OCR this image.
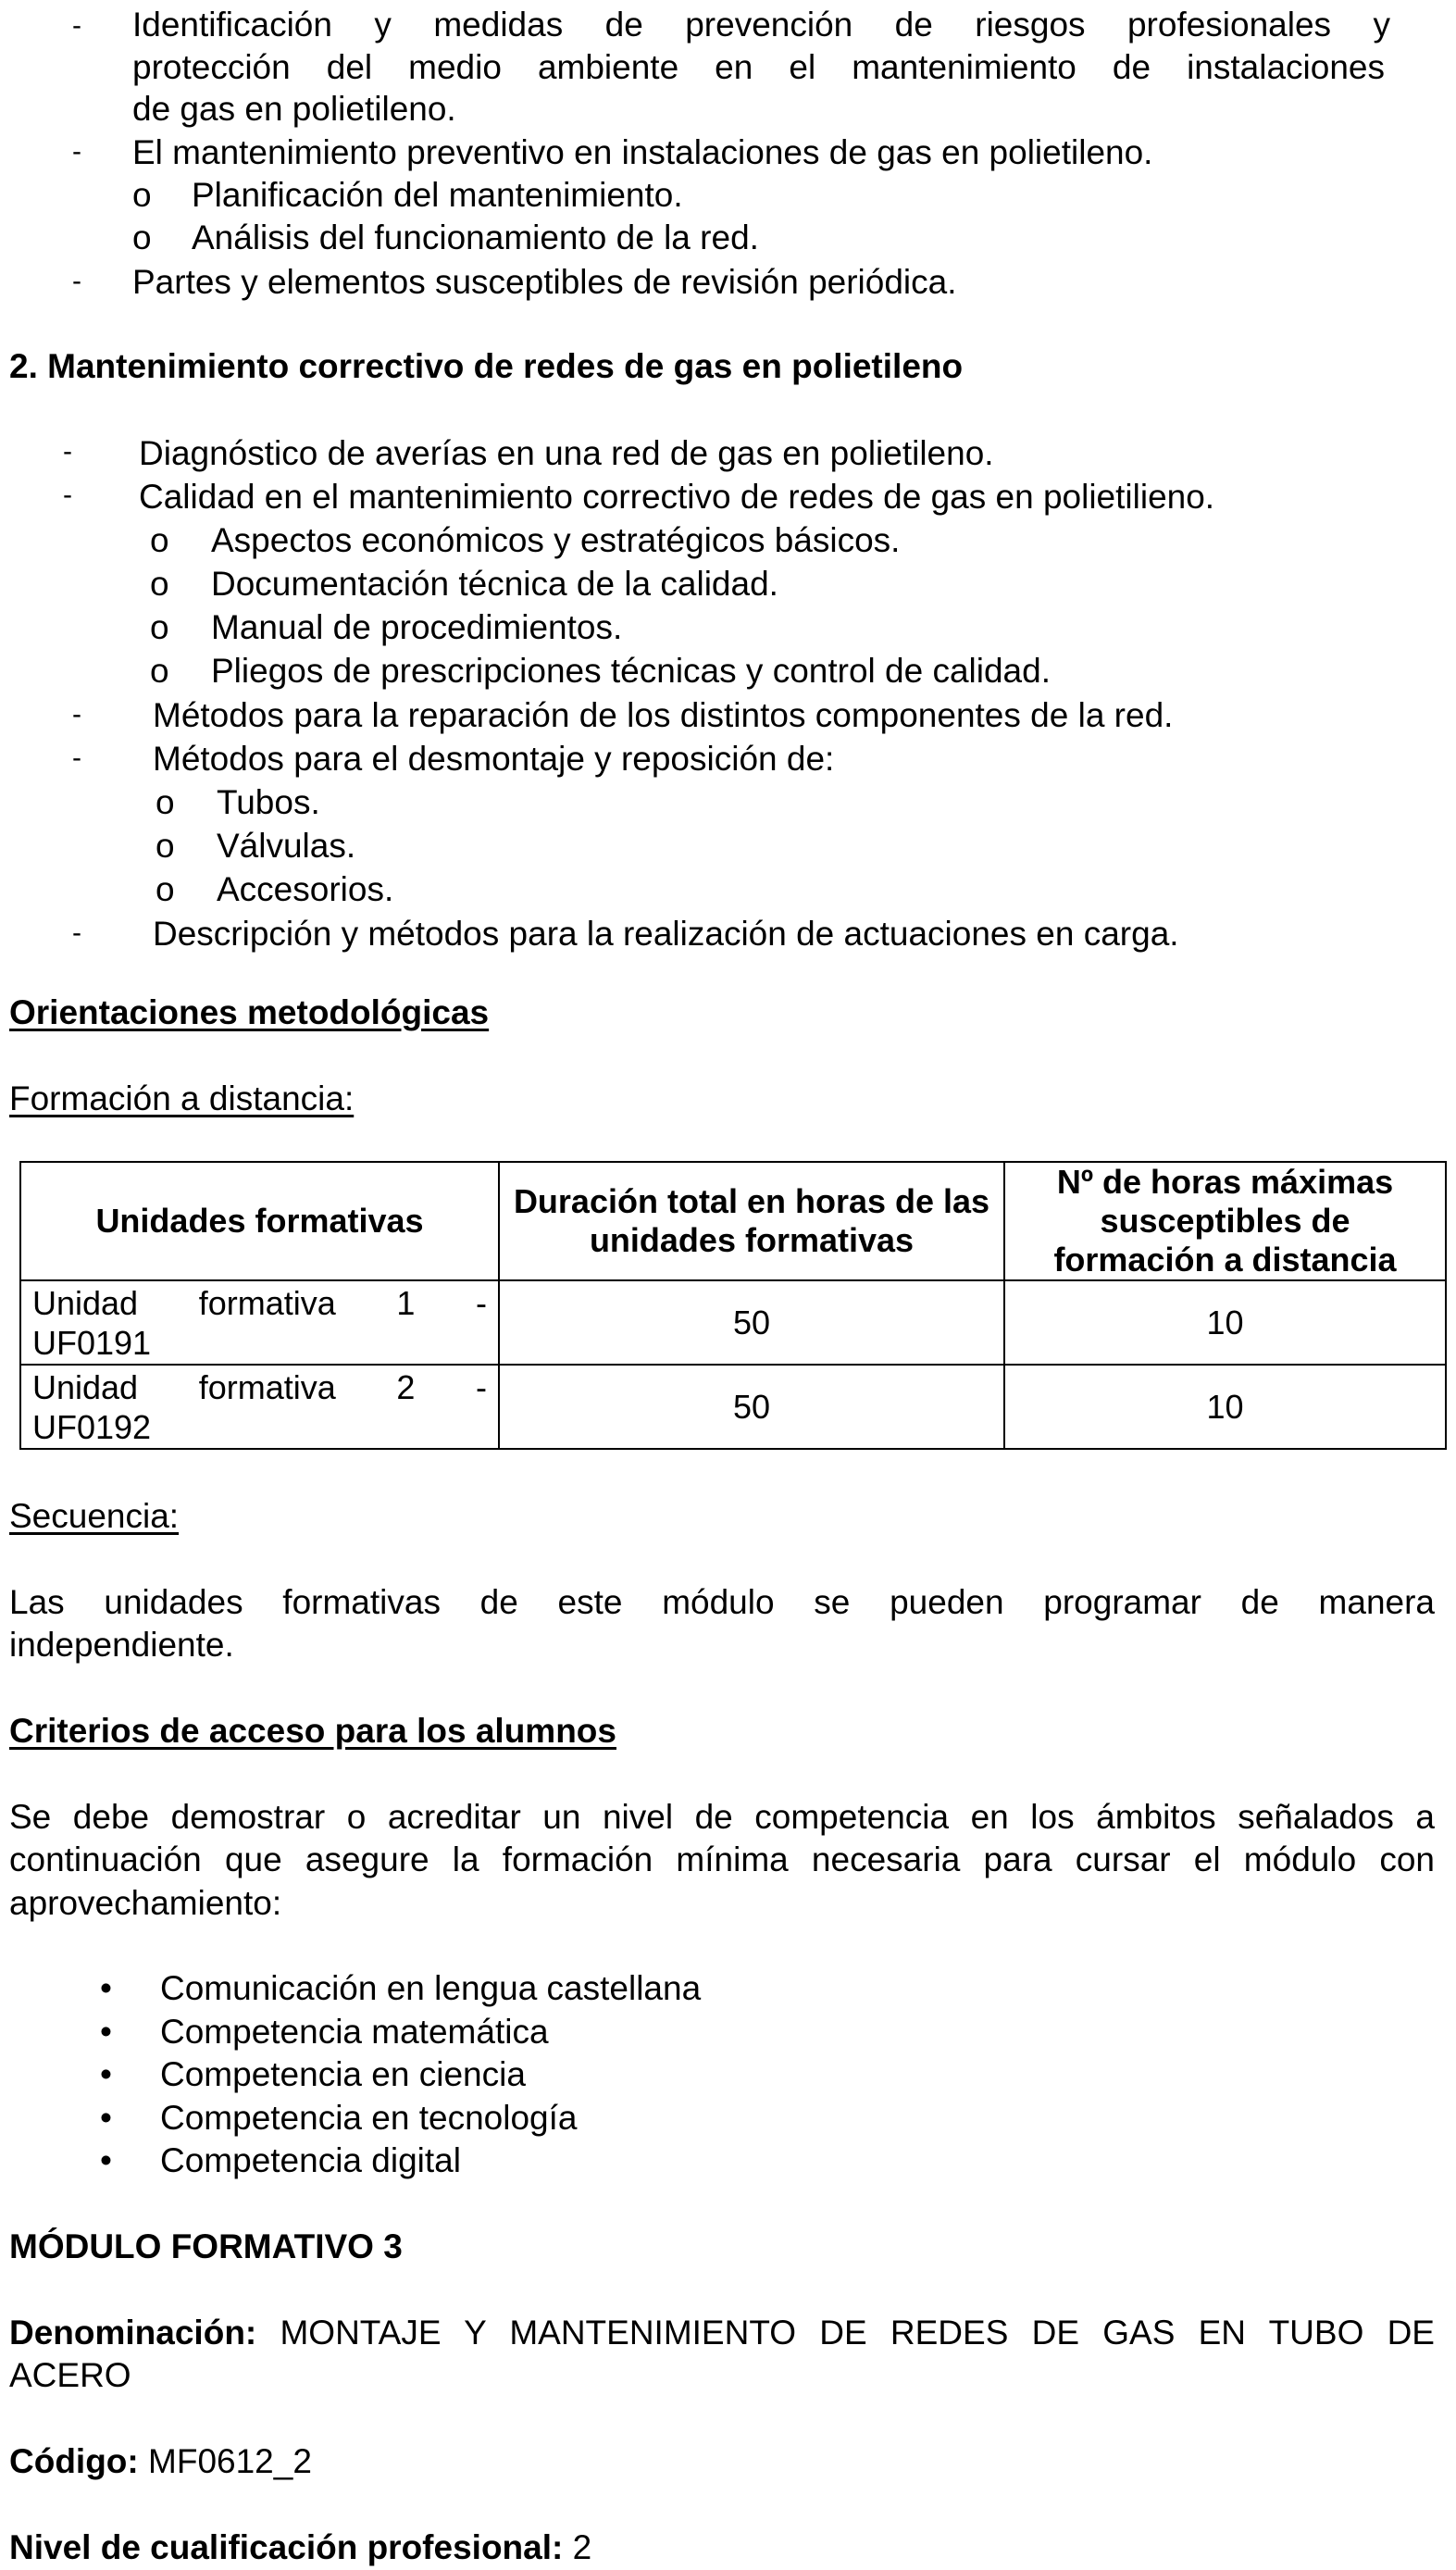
- Identificación y medidas de prevención de riesgos profesionales y
protección del medio ambiente en el mantenimiento de instalaciones
de gas en polietileno.
- El mantenimiento preventivo en instalaciones de gas en polietileno.
o Planificación del mantenimiento.
o Análisis del funcionamiento de la red.
- Partes y elementos susceptibles de revisión periódica.
2. Mantenimiento correctivo de redes de gas en polietileno
- Diagnóstico de averías en una red de gas en polietileno.
- Calidad en el mantenimiento correctivo de redes de gas en polietilieno.
o Aspectos económicos y estratégicos básicos.
o Documentación técnica de la calidad.
o Manual de procedimientos.
o Pliegos de prescripciones técnicas y control de calidad.
- Métodos para la reparación de los distintos componentes de la red.
- Métodos para el desmontaje y reposición de:
o Tubos.
o Válvulas.
o Accesorios.
- Descripción y métodos para la realización de actuaciones en carga.
Orientaciones metodológicas
Formación a distancia:
Unidades formativas	Duración total en horas de las unidades formativas	Nº de horas máximas susceptibles de formación a distancia

Unidad formativa 1 -
UF0191	50	10

Unidad formativa 2 -
UF0192	50	10
Secuencia:
Las unidades formativas de este módulo se pueden programar de manera
independiente.
Criterios de acceso para los alumnos
Se debe demostrar o acreditar un nivel de competencia en los ámbitos señalados a
continuación que asegure la formación mínima necesaria para cursar el módulo con
aprovechamiento:
• Comunicación en lengua castellana
• Competencia matemática
• Competencia en ciencia
• Competencia en tecnología
• Competencia digital
MÓDULO FORMATIVO 3
Denominación: MONTAJE Y MANTENIMIENTO DE REDES DE GAS EN TUBO DE
ACERO
Código: MF0612_2
Nivel de cualificación profesional: 2
